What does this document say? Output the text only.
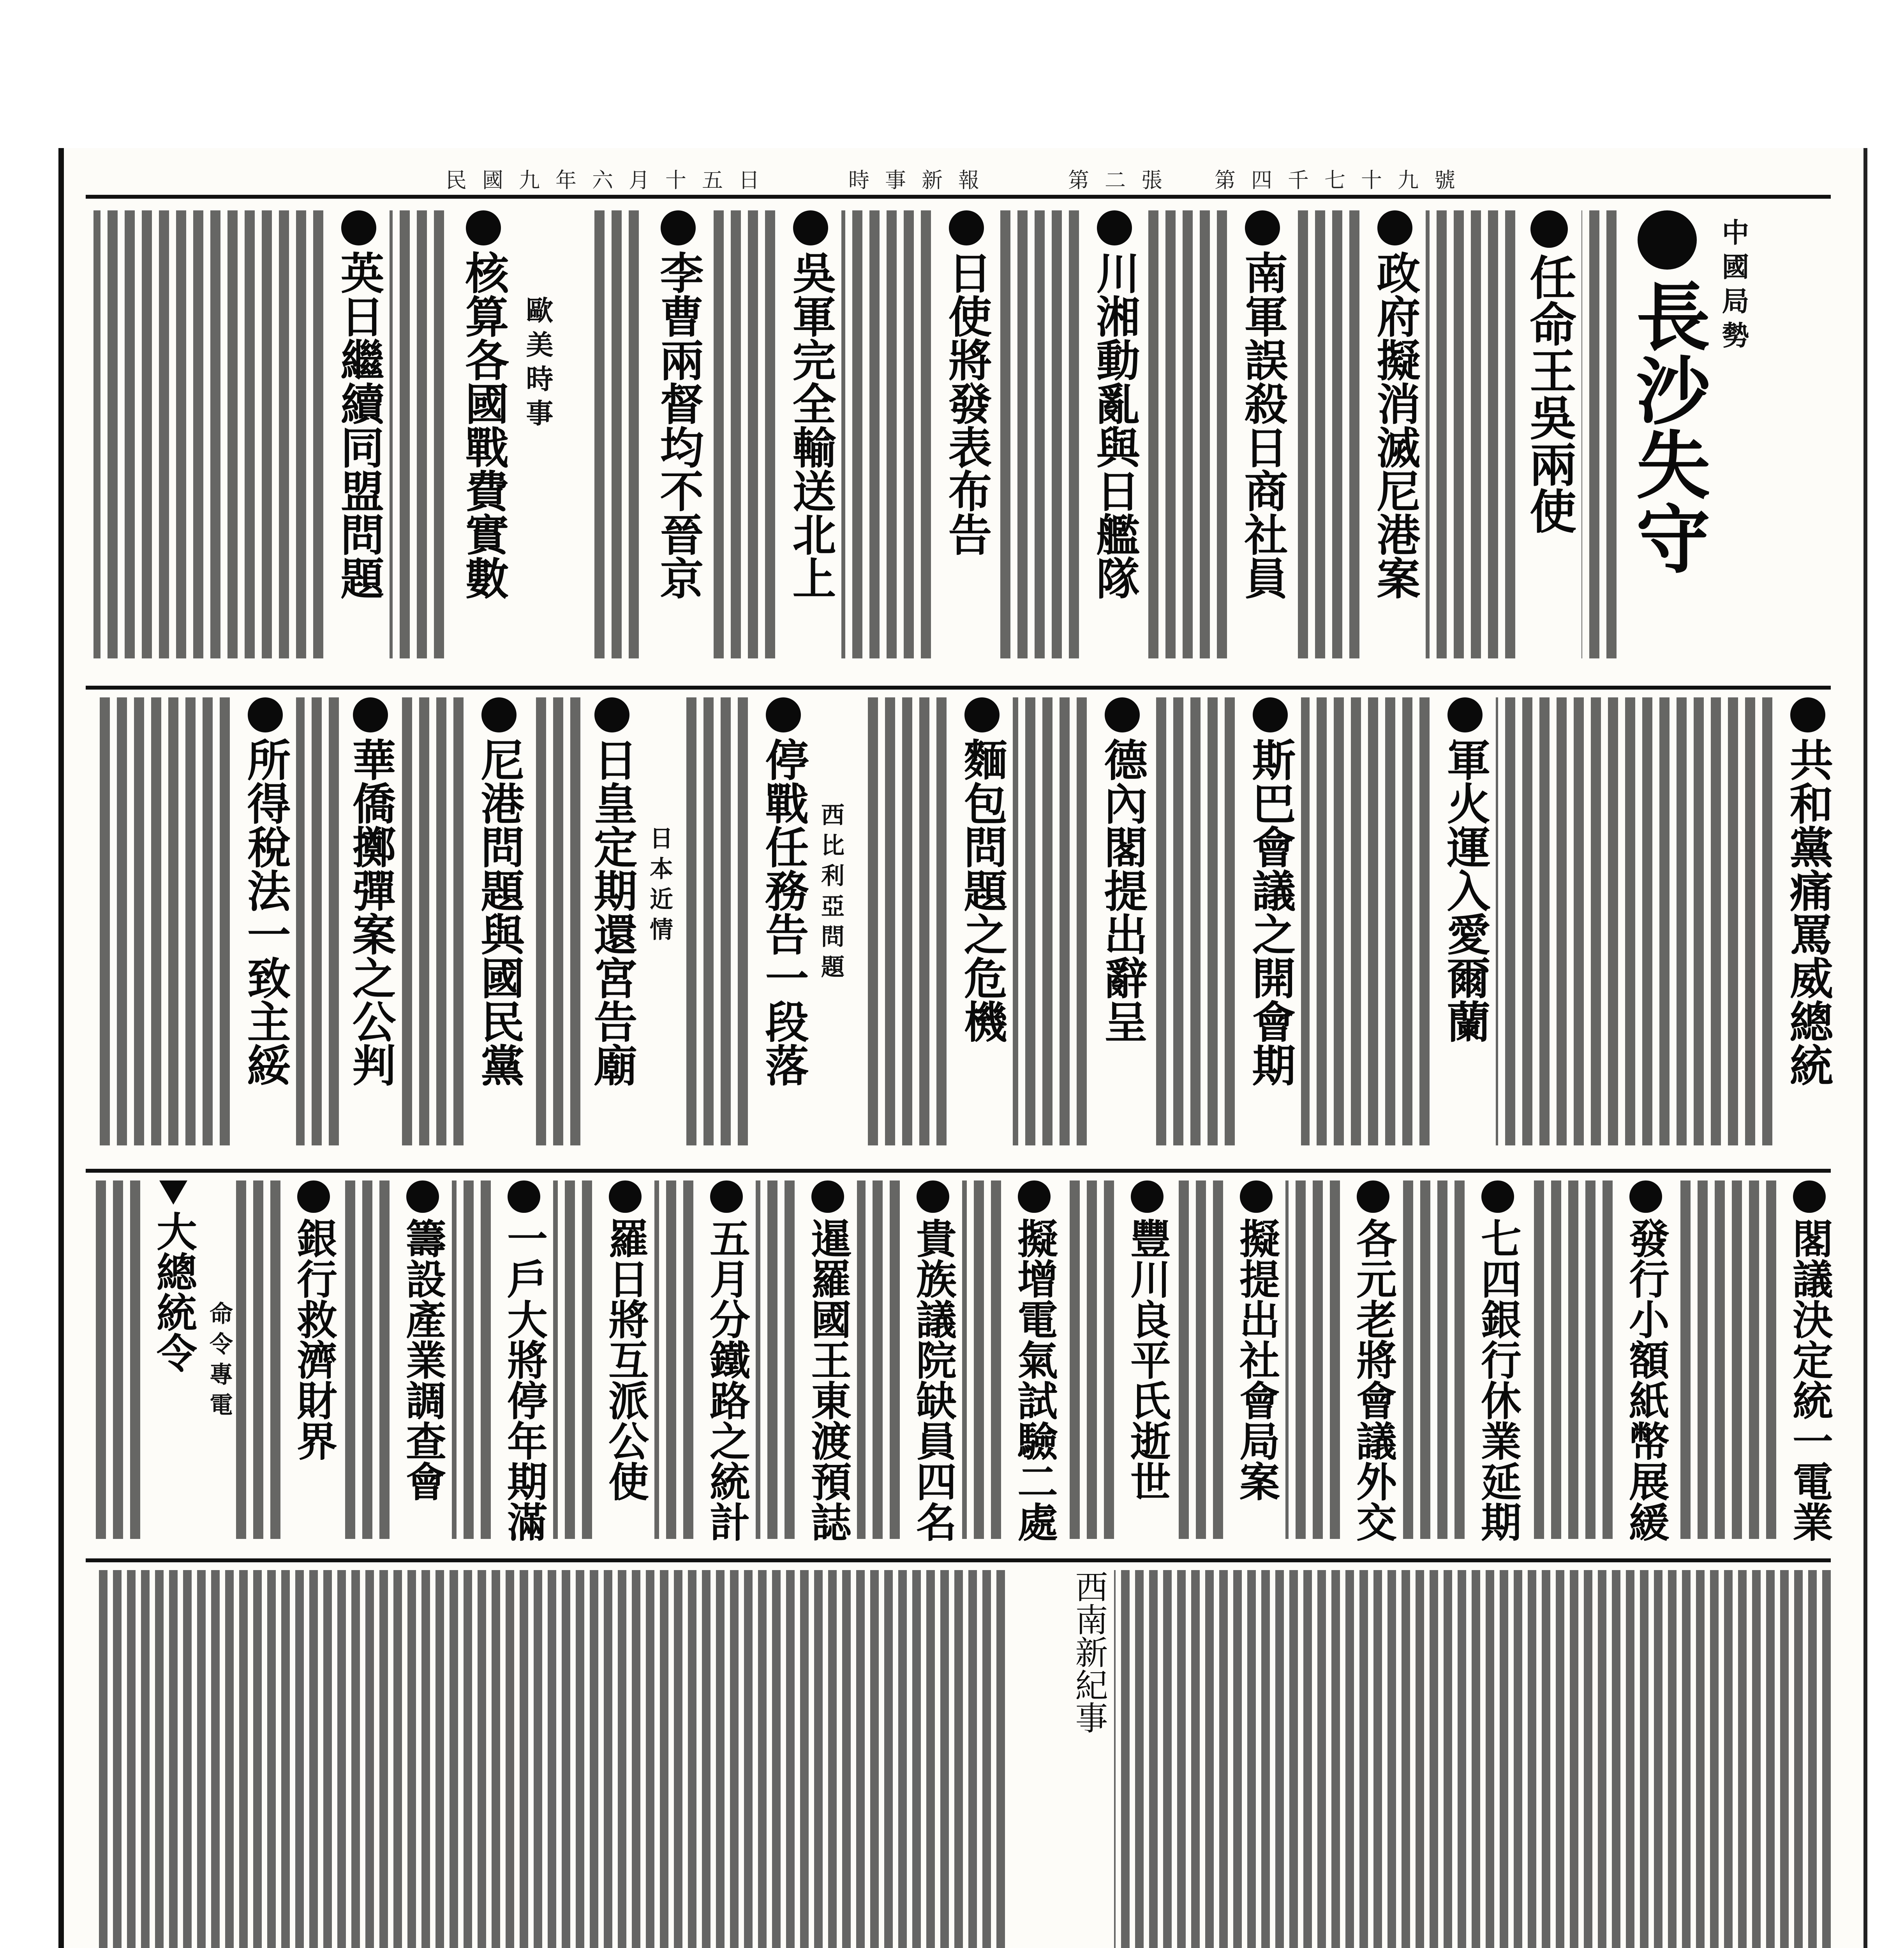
民國九年六月十五日　　時事新報　　第二張　第四千七十九號
中國局勢
長沙失守
任命王吳兩使
政府擬消滅尼港案
南軍誤殺日商社員
川湘動亂與日艦隊
日使將發表布告
吳軍完全輸送北上
李曹兩督均不晉京
歐美時事
核算各國戰費實數
英日繼續同盟問題
共和黨痛罵威總統
軍火運入愛爾蘭
斯巴會議之開會期
德內閣提出辭呈
麵包問題之危機
西比利亞問題
停戰任務告一段落
日本近情
日皇定期還宮告廟
尼港問題與國民黨
華僑擲彈案之公判
所得稅法一致主綏
閣議決定統一電業
發行小額紙幣展緩
七四銀行休業延期
各元老將會議外交
擬提出社會局案
豐川良平氏逝世
擬增電氣試驗二處
貴族議院缺員四名
暹羅國王東渡預誌
五月分鐵路之統計
羅日將互派公使
一戶大將停年期滿
籌設產業調查會
銀行救濟財界
命令專電
大總統令
西南新紀事
